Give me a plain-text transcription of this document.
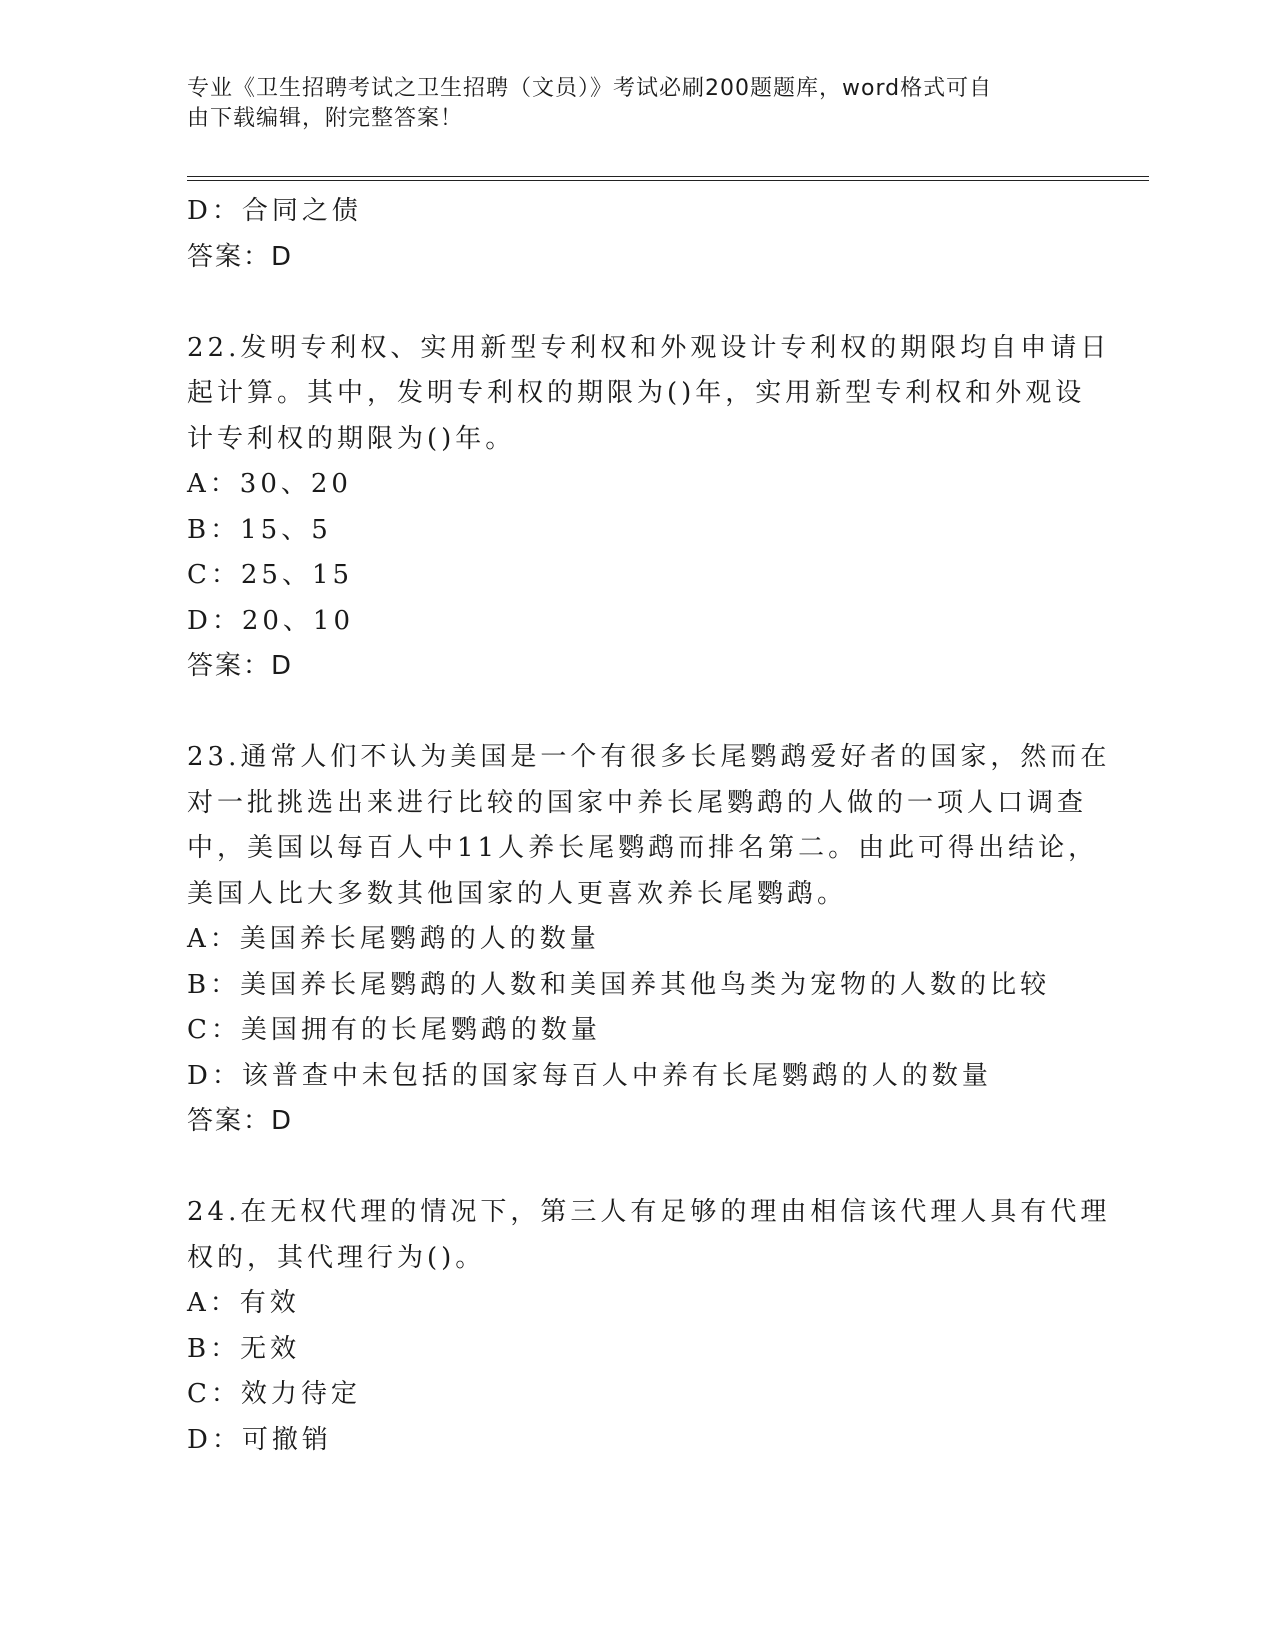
专业《卫生招聘考试之卫生招聘（文员）》考试必刷200题题库，word格式可自
由下载编辑，附完整答案！
D：合同之债
答案：D
22.发明专利权、实用新型专利权和外观设计专利权的期限均自申请日
起计算。其中，发明专利权的期限为()年，实用新型专利权和外观设
计专利权的期限为()年。
A：30、20
B：15、5
C：25、15
D：20、10
答案：D
23.通常人们不认为美国是一个有很多长尾鹦鹉爱好者的国家，然而在
对一批挑选出来进行比较的国家中养长尾鹦鹉的人做的一项人口调查
中，美国以每百人中11人养长尾鹦鹉而排名第二。由此可得出结论，
美国人比大多数其他国家的人更喜欢养长尾鹦鹉。
A：美国养长尾鹦鹉的人的数量
B：美国养长尾鹦鹉的人数和美国养其他鸟类为宠物的人数的比较
C：美国拥有的长尾鹦鹉的数量
D：该普查中未包括的国家每百人中养有长尾鹦鹉的人的数量
答案：D
24.在无权代理的情况下，第三人有足够的理由相信该代理人具有代理
权的，其代理行为()。
A：有效
B：无效
C：效力待定
D：可撤销
